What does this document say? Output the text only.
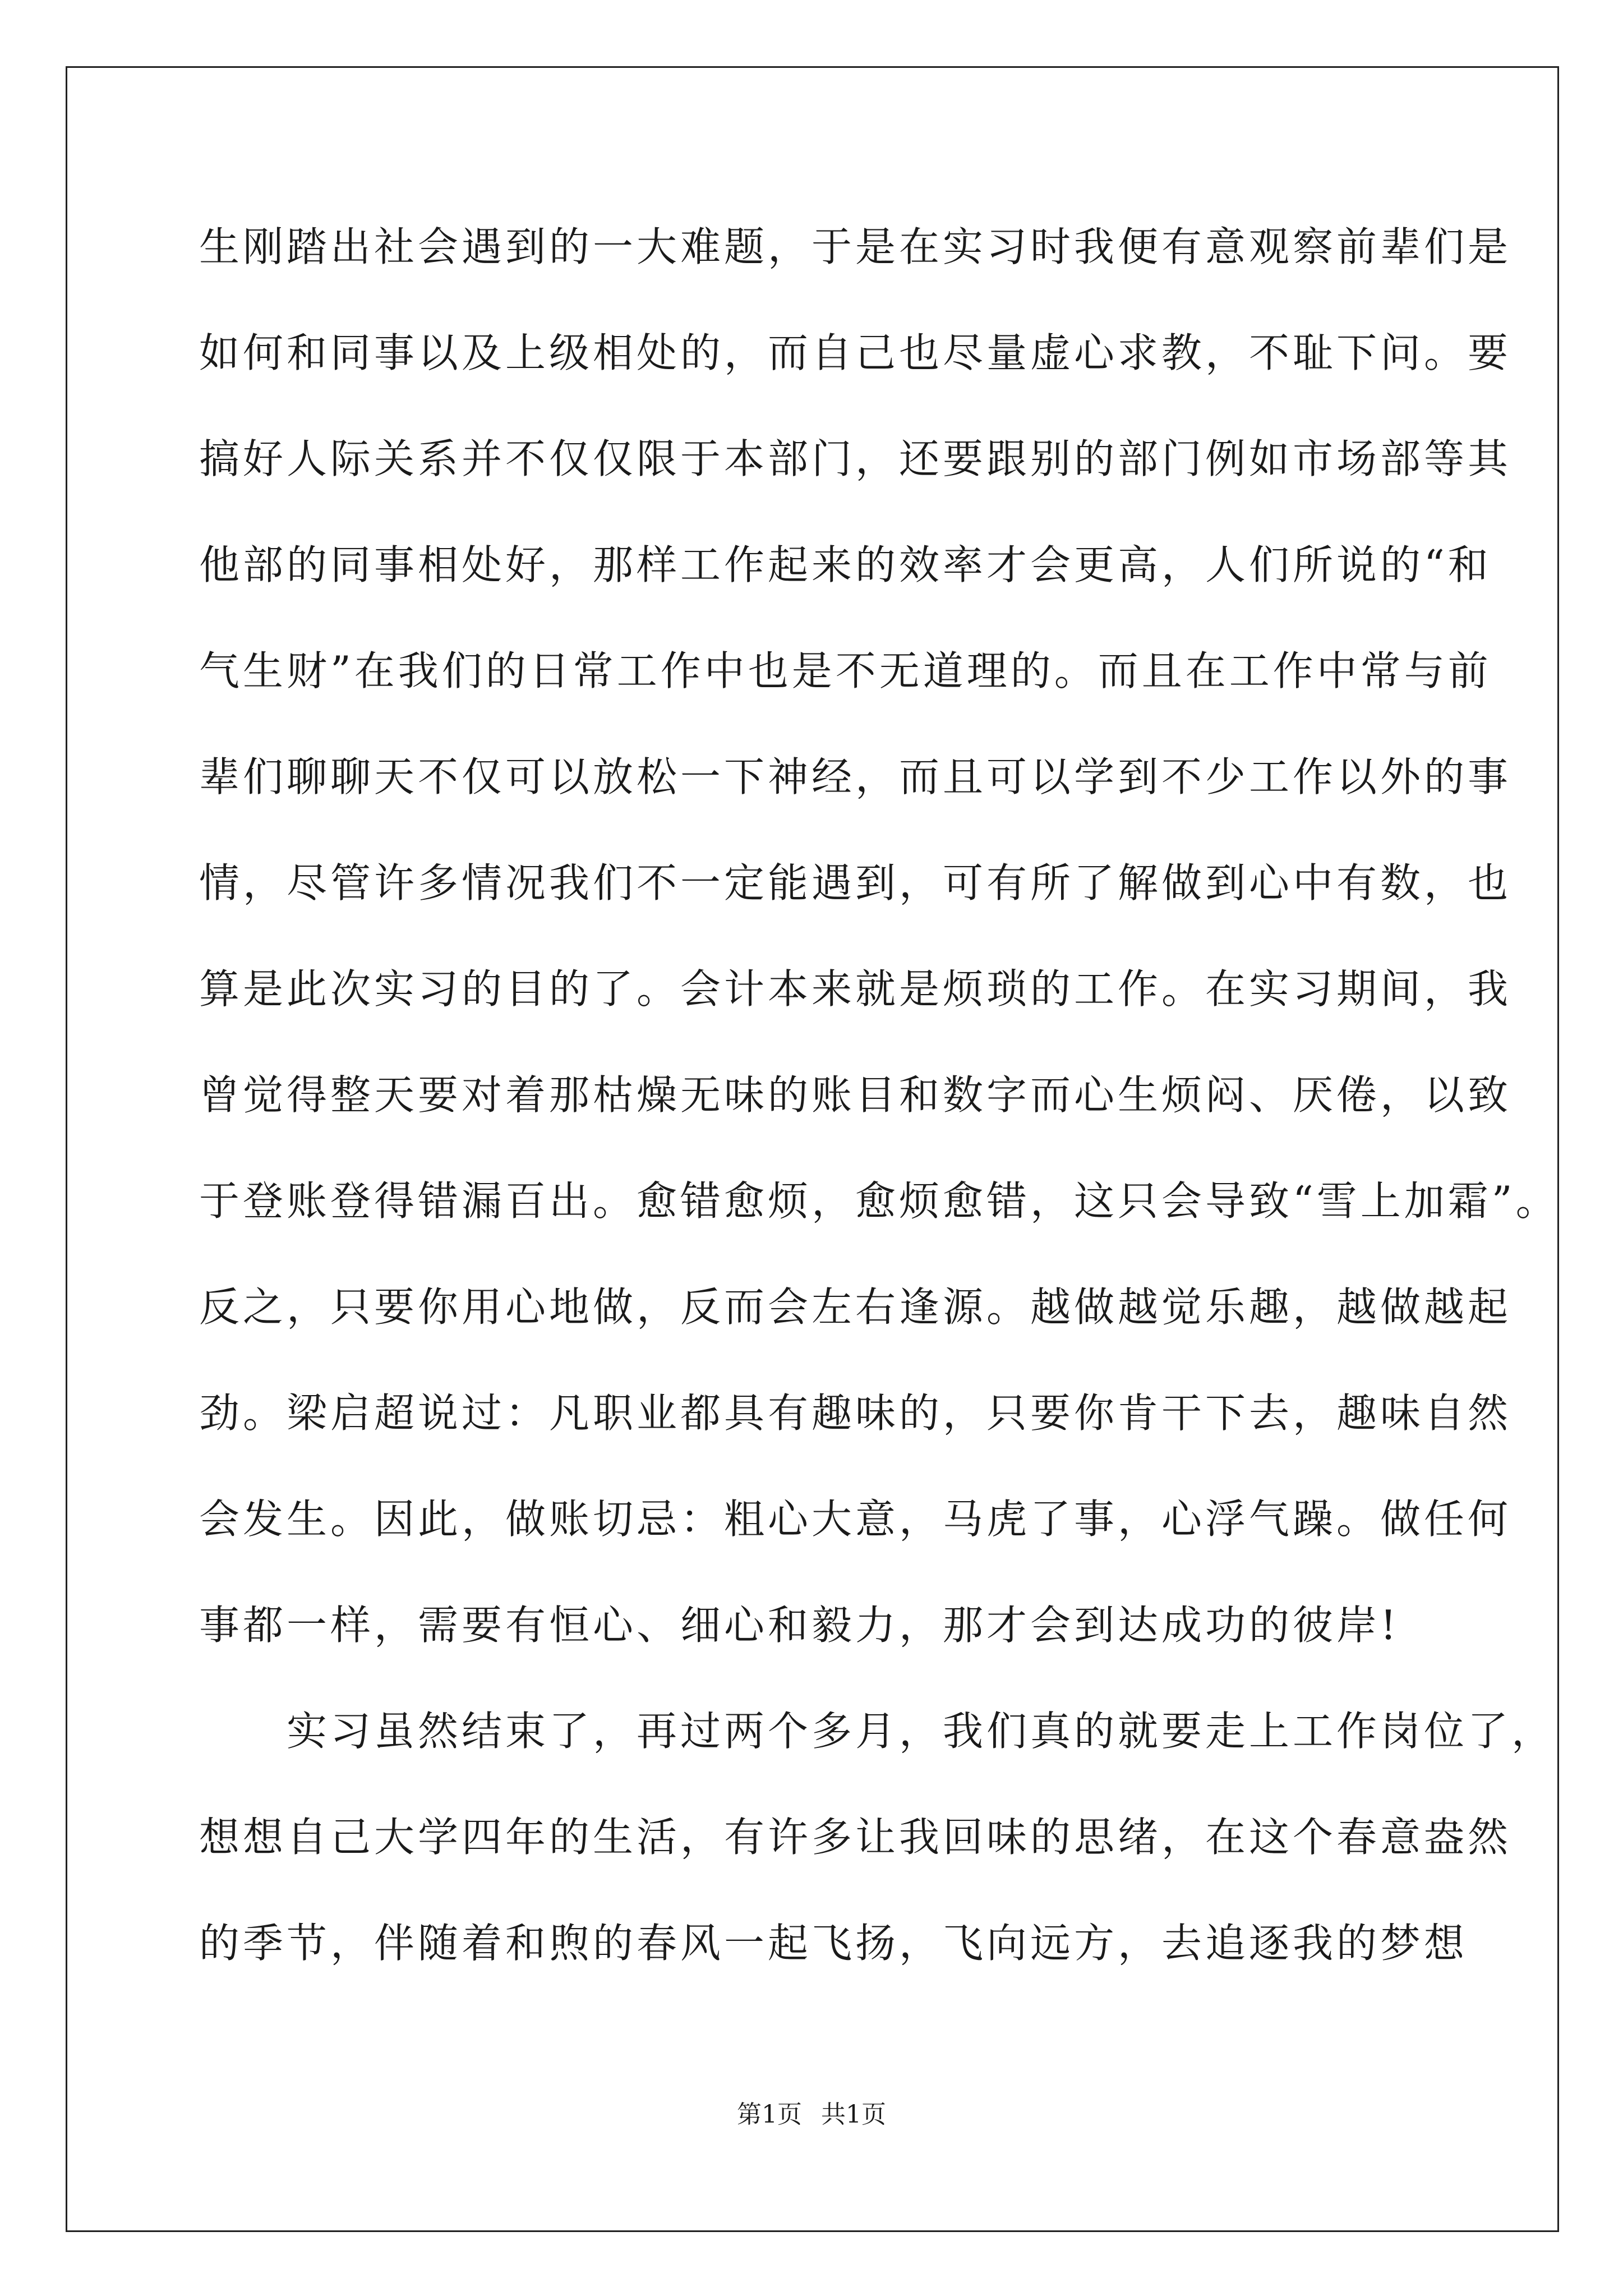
生刚踏出社会遇到的一大难题，于是在实习时我便有意观察前辈们是
如何和同事以及上级相处的，而自己也尽量虚心求教，不耻下问。要
搞好人际关系并不仅仅限于本部门，还要跟别的部门例如市场部等其
他部的同事相处好，那样工作起来的效率才会更高，人们所说的“和
气生财”在我们的日常工作中也是不无道理的。而且在工作中常与前
辈们聊聊天不仅可以放松一下神经，而且可以学到不少工作以外的事
情，尽管许多情况我们不一定能遇到，可有所了解做到心中有数，也
算是此次实习的目的了。会计本来就是烦琐的工作。在实习期间，我
曾觉得整天要对着那枯燥无味的账目和数字而心生烦闷、厌倦，以致
于登账登得错漏百出。愈错愈烦，愈烦愈错，这只会导致“雪上加霜”。
反之，只要你用心地做，反而会左右逢源。越做越觉乐趣，越做越起
劲。梁启超说过：凡职业都具有趣味的，只要你肯干下去，趣味自然
会发生。因此，做账切忌：粗心大意，马虎了事，心浮气躁。做任何
事都一样，需要有恒心、细心和毅力，那才会到达成功的彼岸!
　　实习虽然结束了，再过两个多月，我们真的就要走上工作岗位了，
想想自己大学四年的生活，有许多让我回味的思绪，在这个春意盎然
的季节，伴随着和煦的春风一起飞扬，飞向远方，去追逐我的梦想
第1页 共1页
